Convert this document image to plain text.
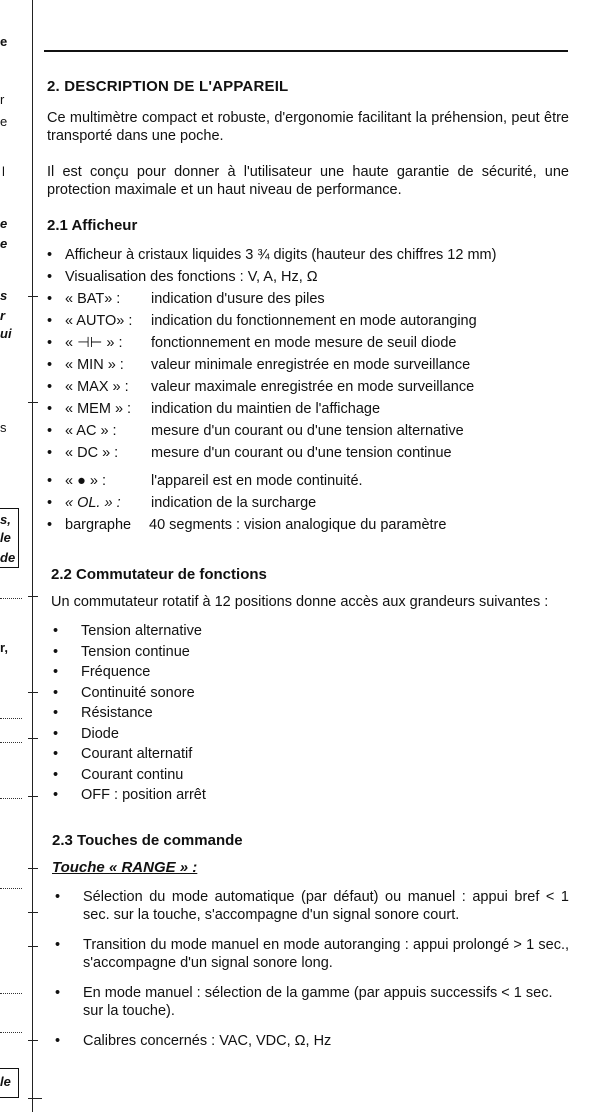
e
r
e
l
e
e
s
r
ui
s
s,
le
de
r,
le
2. DESCRIPTION DE L'APPAREIL

Ce multimètre compact et robuste, d'ergonomie facilitant la préhension, peut être transporté dans une poche.

Il est conçu pour donner à l'utilisateur une haute garantie de sécurité, une protection maximale et un haut niveau de performance.

2.1 Afficheur
• Afficheur à cristaux liquides 3 ¾ digits (hauteur des chiffres 12 mm)
• Visualisation des fonctions : V, A, Hz, Ω
• « BAT» :	indication d'usure des piles
• « AUTO» :	indication du fonctionnement en mode autoranging
• « ⊣⊢ » :	fonctionnement en mode mesure de seuil diode
• « MIN » :	valeur minimale enregistrée en mode surveillance
• « MAX » :	valeur maximale enregistrée en mode surveillance
• « MEM » :	indication du maintien de l'affichage
• « AC » :	mesure d'un courant ou d'une tension alternative
• « DC » :	mesure d'un courant ou d'une tension continue
• « ● » :	l'appareil est en mode continuité.
• « OL. » :	indication de la surcharge
• bargraphe	40 segments : vision analogique du paramètre
2.2 Commutateur de fonctions

Un commutateur rotatif à 12 positions donne accès aux grandeurs suivantes :

•	Tension alternative
•	Tension continue
•	Fréquence
•	Continuité sonore
•	Résistance
•	Diode
•	Courant alternatif
•	Courant continu
•	OFF : position arrêt
2.3 Touches de commande
Touche « RANGE » :
•	Sélection du mode automatique (par défaut) ou manuel : appui bref < 1 sec. sur la touche, s'accompagne d'un signal sonore court.
•	Transition du mode manuel en mode autoranging : appui prolongé > 1 sec., s'accompagne d'un signal sonore long.
•	En mode manuel : sélection de la gamme (par appuis successifs < 1 sec. sur la touche).
•	Calibres concernés : VAC, VDC, Ω, Hz
